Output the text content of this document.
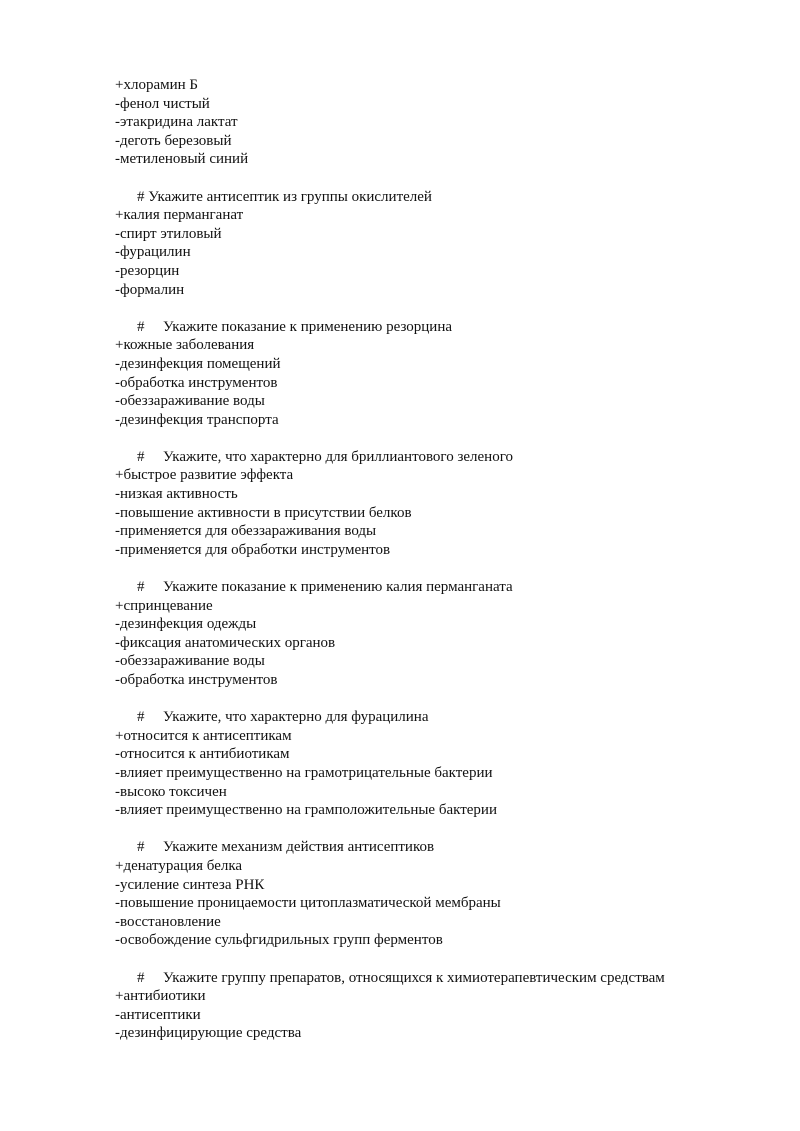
+хлорамин Б
-фенол чистый
-этакридина лактат
-деготь березовый
-метиленовый синий
# Укажите антисептик из группы окислителей
+калия перманганат
-спирт этиловый
-фурацилин
-резорцин
-формалин
# Укажите показание к применению резорцина
+кожные заболевания
-дезинфекция помещений
-обработка инструментов
-обеззараживание воды
-дезинфекция транспорта
# Укажите, что характерно для бриллиантового зеленого
+быстрое развитие эффекта
-низкая активность
-повышение активности в присутствии белков
-применяется для обеззараживания воды
-применяется для обработки инструментов
# Укажите показание к применению калия перманганата
+спринцевание
-дезинфекция одежды
-фиксация анатомических органов
-обеззараживание воды
-обработка инструментов
# Укажите, что характерно для фурацилина
+относится к антисептикам
-относится к антибиотикам
-влияет преимущественно на грамотрицательные бактерии
-высоко токсичен
-влияет преимущественно на грамположительные бактерии
# Укажите механизм действия антисептиков
+денатурация белка
-усиление синтеза РНК
-повышение проницаемости цитоплазматической мембраны
-восстановление
-освобождение сульфгидрильных групп ферментов
# Укажите группу препаратов, относящихся к химиотерапевтическим средствам
+антибиотики
-антисептики
-дезинфицирующие средства
